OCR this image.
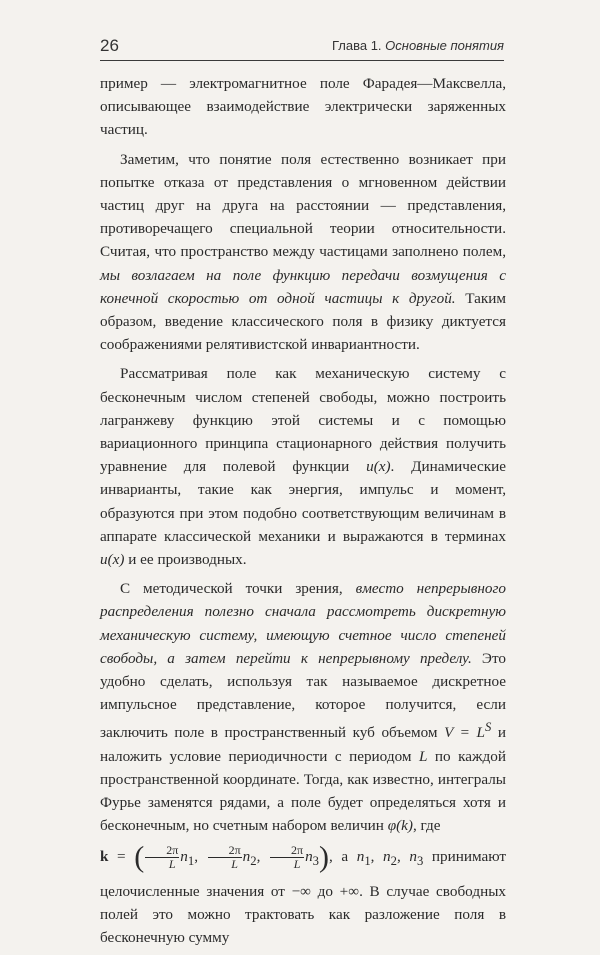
26	Глава 1. Основные понятия

пример — электромагнитное поле Фарадея—Максвелла, описывающее взаимодействие электрически заряженных частиц.

Заметим, что понятие поля естественно возникает при попытке отказа от представления о мгновенном действии частиц друг на друга на расстоянии — представления, противоречащего специальной теории относительности. Считая, что пространство между частицами заполнено полем, мы возлагаем на поле функцию передачи возмущения с конечной скоростью от одной частицы к другой. Таким образом, введение классического поля в физику диктуется соображениями релятивистской инвариантности.

Рассматривая поле как механическую систему с бесконечным числом степеней свободы, можно построить лагранжеву функцию этой системы и с помощью вариационного принципа стационарного действия получить уравнение для полевой функции u(x). Динамические инварианты, такие как энергия, импульс и момент, образуются при этом подобно соответствующим величинам в аппарате классической механики и выражаются в терминах u(x) и ее производных.

С методической точки зрения, вместо непрерывного распределения полезно сначала рассмотреть дискретную механическую систему, имеющую счетное число степеней свободы, а затем перейти к непрерывному пределу. Это удобно сделать, используя так называемое дискретное импульсное представление, которое получится, если заключить поле в пространственный куб объемом $V = L^S$ и наложить условие периодичности с периодом L по каждой пространственной координате. Тогда, как известно, интегралы Фурье заменятся рядами, а поле будет определяться хотя и бесконечным, но счетным набором величин φ(k), где
k = ( $\frac{2\pi}{L} n_1$, $\frac{2\pi}{L} n_2$, $\frac{2\pi}{L} n_3$), а $n_1$, $n_2$, $n_3$ принимают целочисленные значения от −∞ до +∞. В случае свободных полей это можно трактовать как разложение поля в бесконечную сумму
